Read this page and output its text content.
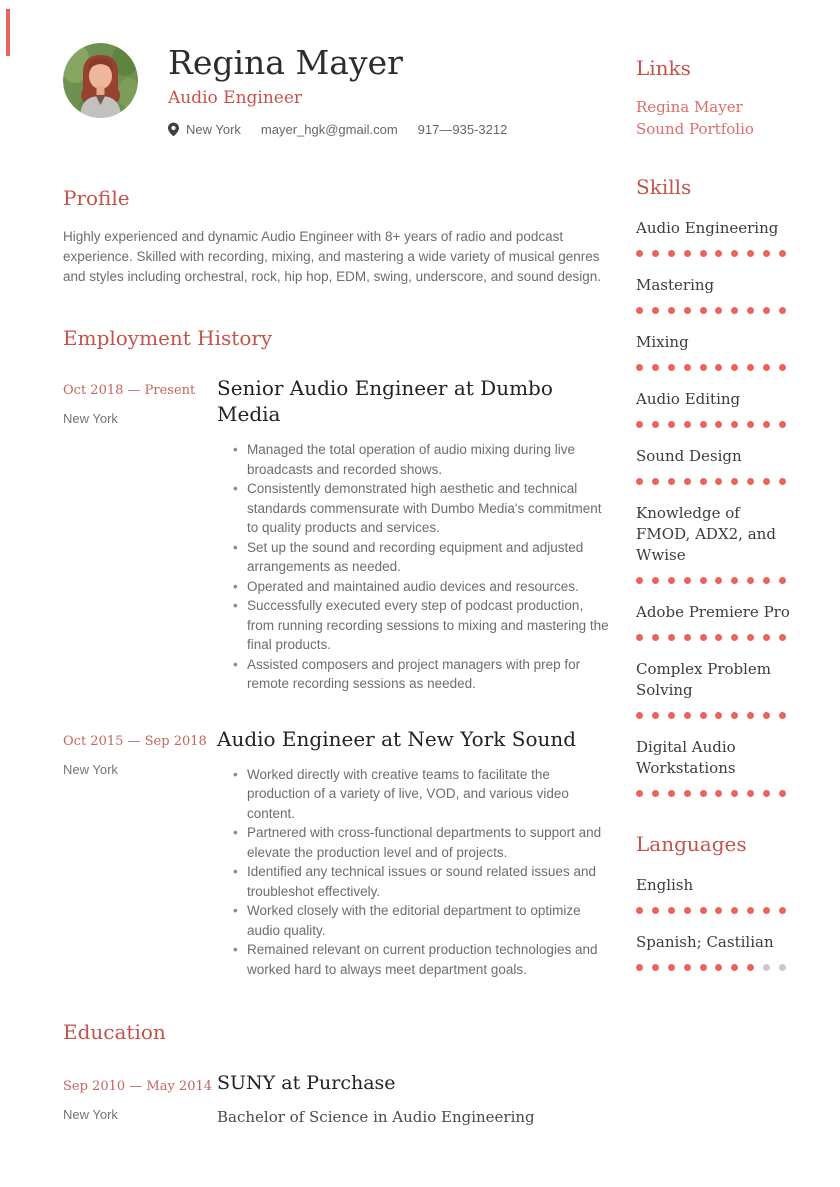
Regina Mayer
Audio Engineer
New York mayer_hgk@gmail.com 917—935-3212
Profile

Highly experienced and dynamic Audio Engineer with 8+ years of radio and podcast experience. Skilled with recording, mixing, and mastering a wide variety of musical genres and styles including orchestral, rock, hip hop, EDM, swing, underscore, and sound design.

Employment History
Oct 2018 — Present
New York
Senior Audio Engineer at Dumbo Media
• Managed the total operation of audio mixing during live broadcasts and recorded shows.
• Consistently demonstrated high aesthetic and technical standards commensurate with Dumbo Media's commitment to quality products and services.
• Set up the sound and recording equipment and adjusted arrangements as needed.
• Operated and maintained audio devices and resources.
• Successfully executed every step of podcast production, from running recording sessions to mixing and mastering the final products.
• Assisted composers and project managers with prep for remote recording sessions as needed.
Oct 2015 — Sep 2018
New York
Audio Engineer at New York Sound
• Worked directly with creative teams to facilitate the production of a variety of live, VOD, and various video content.
• Partnered with cross-functional departments to support and elevate the production level and of projects.
• Identified any technical issues or sound related issues and troubleshot effectively.
• Worked closely with the editorial department to optimize audio quality.
• Remained relevant on current production technologies and worked hard to always meet department goals.
Education
Sep 2010 — May 2014
New York
SUNY at Purchase
Bachelor of Science in Audio Engineering
Links
Regina Mayer Sound Portfolio
Skills
Audio Engineering
Mastering
Mixing
Audio Editing
Sound Design
Knowledge of FMOD, ADX2, and Wwise
Adobe Premiere Pro
Complex Problem Solving
Digital Audio Workstations
Languages
English
Spanish; Castilian
